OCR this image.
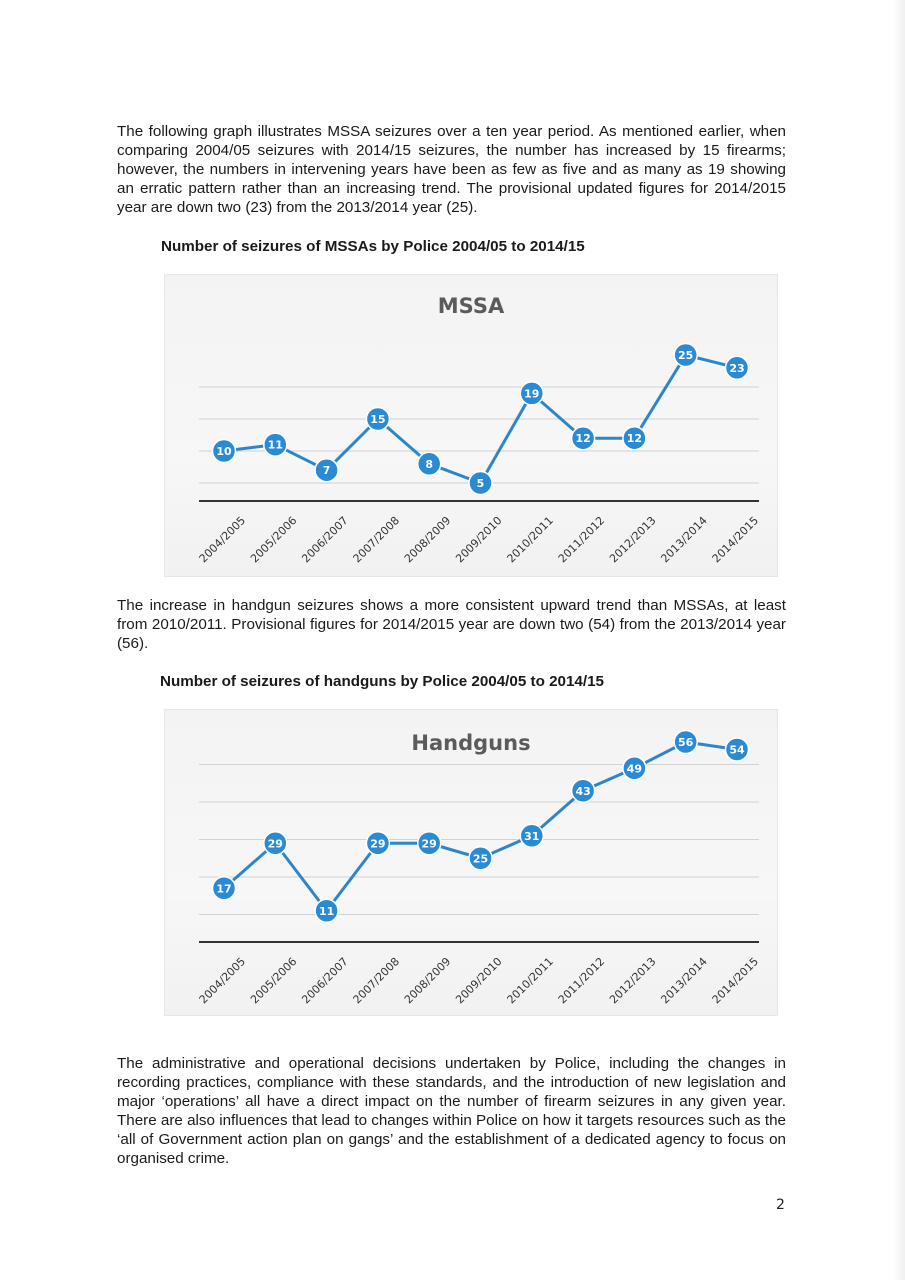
The following graph illustrates MSSA seizures over a ten year period. As mentioned earlier, when comparing 2004/05 seizures with 2014/15 seizures, the number has increased by 15 firearms; however, the numbers in intervening years have been as few as five and as many as 19 showing an erratic pattern rather than an increasing trend. The provisional updated figures for 2014/2015 year are down two (23) from the 2013/2014 year (25).

Number of seizures of MSSAs by Police 2004/05 to 2014/15

MSSA
2004/2005 2005/2006 2006/2007 2007/2008 2008/2009 2009/2010 2010/2011 2011/2012 2012/2013 2013/2014 2014/2015
10	11
7
15
8
5
19
12	12
25
23

The increase in handgun seizures shows a more consistent upward trend than MSSAs, at least from 2010/2011. Provisional figures for 2014/2015 year are down two (54) from the 2013/2014 year (56).

Number of seizures of handguns by Police 2004/05 to 2014/15

Handguns
2004/2005 2005/2006 2006/2007 2007/2008 2008/2009 2009/2010 2010/2011 2011/2012 2012/2013 2013/2014 2014/2015
17
29
11
29	29
25
31
43
49
56
54

The administrative and operational decisions undertaken by Police, including the changes in recording practices, compliance with these standards, and the introduction of new legislation and major ‘operations’ all have a direct impact on the number of firearm seizures in any given year. There are also influences that lead to changes within Police on how it targets resources such as the ‘all of Government action plan on gangs’ and the establishment of a dedicated agency to focus on organised crime.

2
